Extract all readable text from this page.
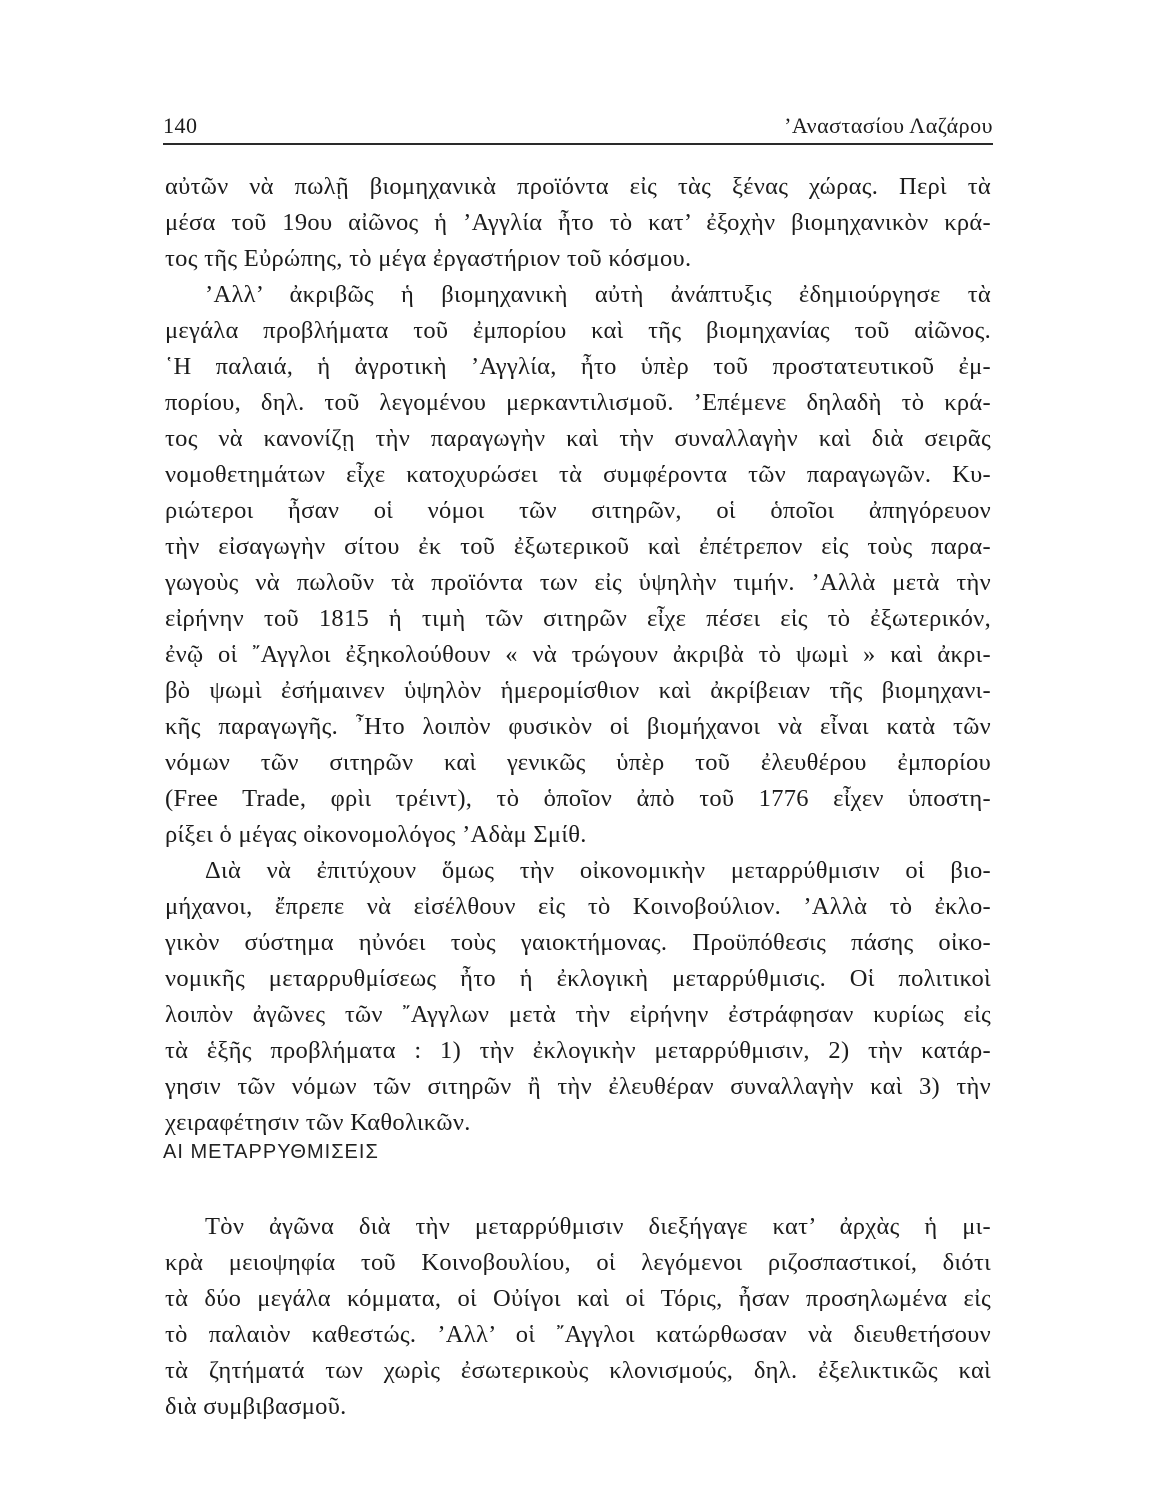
140	’Αναστασίου Λαζάρου
αὐτῶν νὰ πωλῇ βιομηχανικὰ προϊόντα εἰς τὰς ξένας χώρας. Περὶ τὰ
μέσα τοῦ 19ου αἰῶνος ἡ ’Αγγλία ἦτο τὸ κατ’ ἐξοχὴν βιομηχανικὸν κρά-
τος τῆς Εὐρώπης, τὸ μέγα ἐργαστήριον τοῦ κόσμου.
’Αλλ’ ἀκριβῶς ἡ βιομηχανικὴ αὐτὴ ἀνάπτυξις ἐδημιούργησε τὰ
μεγάλα προβλήματα τοῦ ἐμπορίου καὶ τῆς βιομηχανίας τοῦ αἰῶνος.
῾Η παλαιά, ἡ ἀγροτικὴ ’Αγγλία, ἦτο ὑπὲρ τοῦ προστατευτικοῦ ἐμ-
πορίου, δηλ. τοῦ λεγομένου μερκαντιλισμοῦ. ’Επέμενε δηλαδὴ τὸ κρά-
τος νὰ κανονίζῃ τὴν παραγωγὴν καὶ τὴν συναλλαγὴν καὶ διὰ σειρᾶς
νομοθετημάτων εἶχε κατοχυρώσει τὰ συμφέροντα τῶν παραγωγῶν. Κυ-
ριώτεροι ἦσαν οἱ νόμοι τῶν σιτηρῶν, οἱ ὁποῖοι ἀπηγόρευον
τὴν εἰσαγωγὴν σίτου ἐκ τοῦ ἐξωτερικοῦ καὶ ἐπέτρεπον εἰς τοὺς παρα-
γωγοὺς νὰ πωλοῦν τὰ προϊόντα των εἰς ὑψηλὴν τιμήν. ’Αλλὰ μετὰ τὴν
εἰρήνην τοῦ 1815 ἡ τιμὴ τῶν σιτηρῶν εἶχε πέσει εἰς τὸ ἐξωτερικόν,
ἐνῷ οἱ ῎Αγγλοι ἐξηκολούθουν « νὰ τρώγουν ἀκριβὰ τὸ ψωμὶ » καὶ ἀκρι-
βὸ ψωμὶ ἐσήμαινεν ὑψηλὸν ἡμερομίσθιον καὶ ἀκρίβειαν τῆς βιομηχανι-
κῆς παραγωγῆς. ῏Ητο λοιπὸν φυσικὸν οἱ βιομήχανοι νὰ εἶναι κατὰ τῶν
νόμων τῶν σιτηρῶν καὶ γενικῶς ὑπὲρ τοῦ ἐλευθέρου ἐμπορίου
(Free Trade, φρὶι τρέιντ), τὸ ὁποῖον ἀπὸ τοῦ 1776 εἶχεν ὑποστη-
ρίξει ὁ μέγας οἰκονομολόγος ’Αδὰμ Σμίθ.
Διὰ νὰ ἐπιτύχουν ὅμως τὴν οἰκονομικὴν μεταρρύθμισιν οἱ βιο-
μήχανοι, ἔπρεπε νὰ εἰσέλθουν εἰς τὸ Κοινοβούλιον. ’Αλλὰ τὸ ἐκλο-
γικὸν σύστημα ηὐνόει τοὺς γαιοκτήμονας. Προϋπόθεσις πάσης οἰκο-
νομικῆς μεταρρυθμίσεως ἦτο ἡ ἐκλογικὴ μεταρρύθμισις. Οἱ πολιτικοὶ
λοιπὸν ἀγῶνες τῶν ῎Αγγλων μετὰ τὴν εἰρήνην ἐστράφησαν κυρίως εἰς
τὰ ἑξῆς προβλήματα : 1) τὴν ἐκλογικὴν μεταρρύθμισιν, 2) τὴν κατάρ-
γησιν τῶν νόμων τῶν σιτηρῶν ἢ τὴν ἐλευθέραν συναλλαγὴν καὶ 3) τὴν
χειραφέτησιν τῶν Καθολικῶν.
ΑΙ ΜΕΤΑΡΡΥΘΜΙΣΕΙΣ
Τὸν ἀγῶνα διὰ τὴν μεταρρύθμισιν διεξήγαγε κατ’ ἀρχὰς ἡ μι-
κρὰ μειοψηφία τοῦ Κοινοβουλίου, οἱ λεγόμενοι ριζοσπαστικοί, διότι
τὰ δύο μεγάλα κόμματα, οἱ Οὐίγοι καὶ οἱ Τόρις, ἦσαν προσηλωμένα εἰς
τὸ παλαιὸν καθεστώς. ’Αλλ’ οἱ ῎Αγγλοι κατώρθωσαν νὰ διευθετήσουν
τὰ ζητήματά των χωρὶς ἐσωτερικοὺς κλονισμούς, δηλ. ἐξελικτικῶς καὶ
διὰ συμβιβασμοῦ.
